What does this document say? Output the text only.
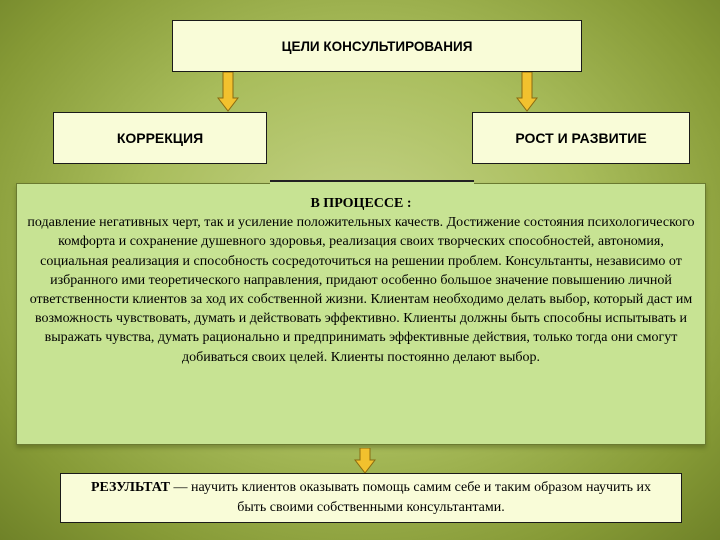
ЦЕЛИ КОНСУЛЬТИРОВАНИЯ
КОРРЕКЦИЯ	РОСТ И РАЗВИТИЕ
В ПРОЦЕССЕ :
подавление негативных черт, так и усиление положительных качеств. Достижение состояния психологического комфорта и сохранение душевного здоровья, реализация своих творческих способностей, автономия, социальная реализация и способность сосредоточиться на решении проблем. Консультанты, независимо от избранного ими теоретического направления, придают особенно большое значение повышению личной ответственности клиентов за ход их собственной жизни. Клиентам необходимо делать выбор, который даст им возможность чувствовать, думать и действовать эффективно. Клиенты должны быть способны испытывать и выражать чувства, думать рационально и предпринимать эффективные действия, только тогда они смогут добиваться своих целей. Клиенты постоянно делают выбор.
РЕЗУЛЬТАТ — научить клиентов оказывать помощь самим себе и таким образом научить их быть своими собственными консультантами.
